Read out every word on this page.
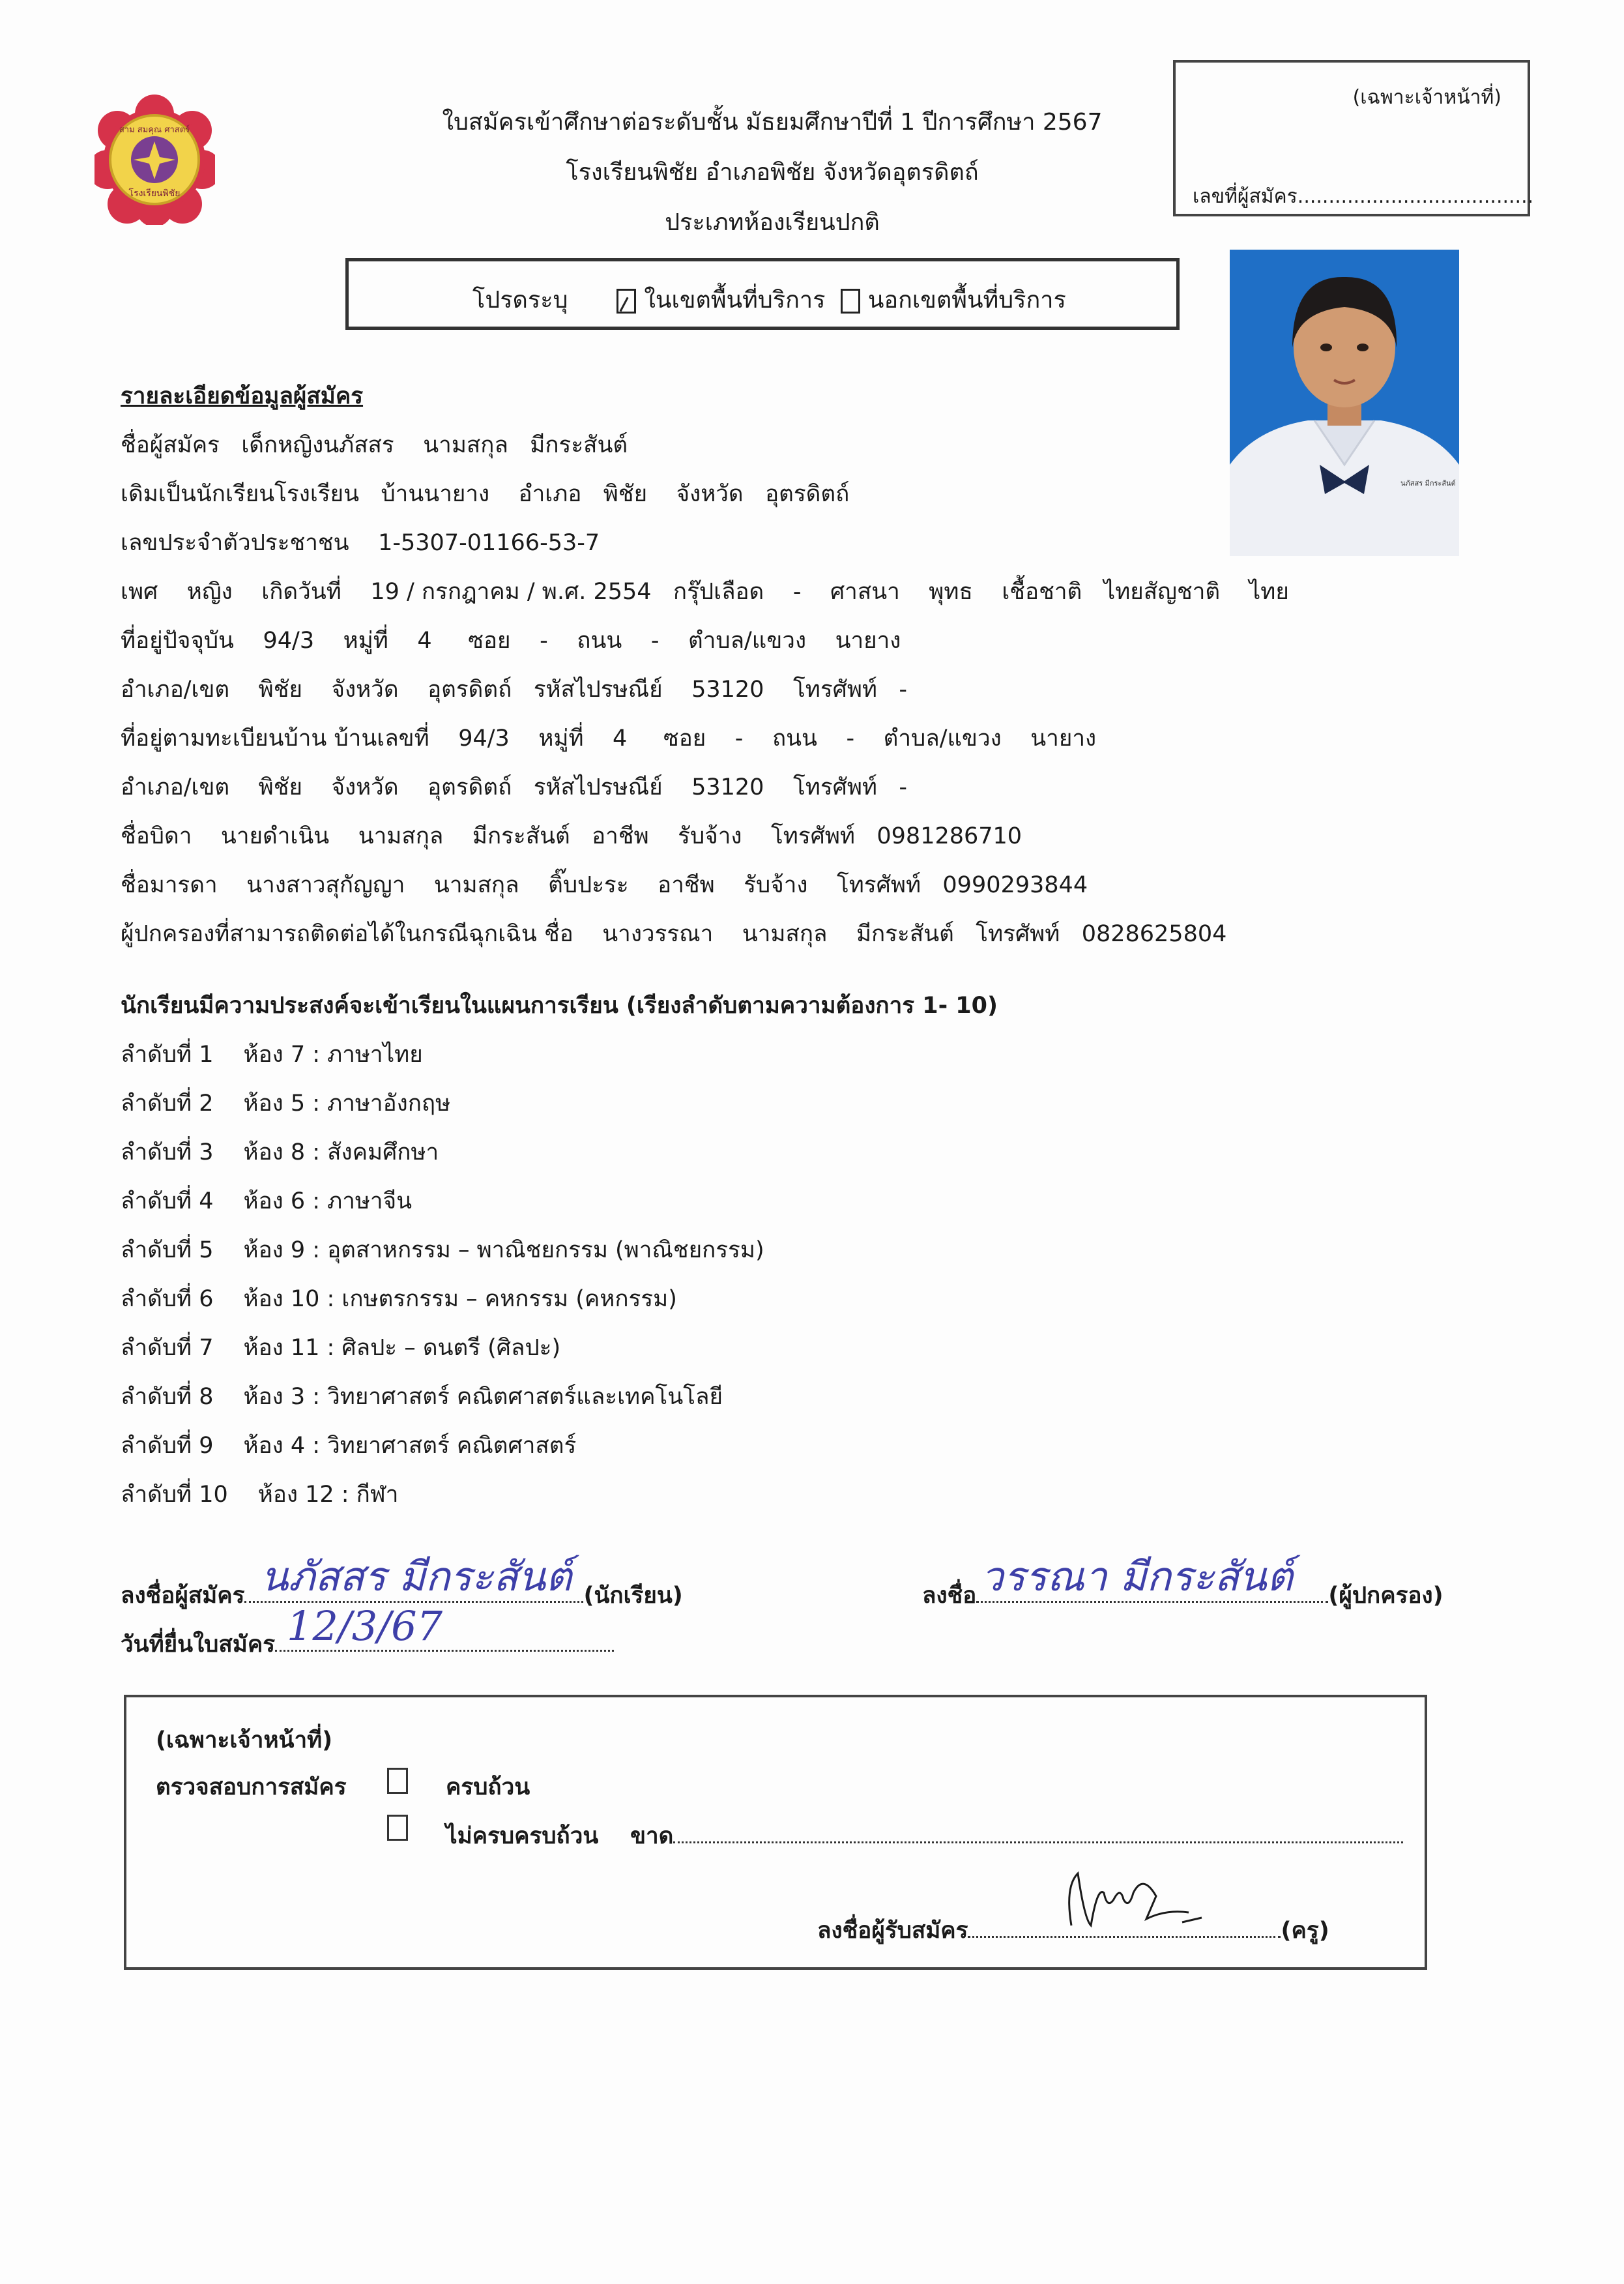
ใบสมัครเข้าศึกษาต่อระดับชั้น มัธยมศึกษาปีที่ 1 ปีการศึกษา 2567
โรงเรียนพิชัย อำเภอพิชัย จังหวัดอุตรดิตถ์
ประเภทห้องเรียนปกติ
สาม สมคุณ ศาสตร์
โรงเรียนพิชัย
(เฉพาะเจ้าหน้าที่)
เลขที่ผู้สมัคร......................................
โปรดระบุ	ในเขตพื้นที่บริการ นอกเขตพื้นที่บริการ
นภัสสร มีกระสันต์
รายละเอียดข้อมูลผู้สมัคร
ชื่อผู้สมัคร เด็กหญิงนภัสสร นามสกุล มีกระสันต์
เดิมเป็นนักเรียนโรงเรียน บ้านนายาง อำเภอ พิชัย จังหวัด อุตรดิตถ์
เลขประจำตัวประชาชน 1-5307-01166-53-7
เพศ หญิง เกิดวันที่ 19 / กรกฎาคม / พ.ศ. 2554 กรุ๊ปเลือด - ศาสนา พุทธ เชื้อชาติ ไทยสัญชาติ ไทย
ที่อยู่ปัจจุบัน 94/3 หมู่ที่ 4 ซอย - ถนน - ตำบล/แขวง นายาง
อำเภอ/เขต พิชัย จังหวัด อุตรดิตถ์ รหัสไปรษณีย์ 53120 โทรศัพท์ -
ที่อยู่ตามทะเบียนบ้าน บ้านเลขที่ 94/3 หมู่ที่ 4 ซอย - ถนน - ตำบล/แขวง นายาง
อำเภอ/เขต พิชัย จังหวัด อุตรดิตถ์ รหัสไปรษณีย์ 53120 โทรศัพท์ -
ชื่อบิดา นายดำเนิน นามสกุล มีกระสันต์ อาชีพ รับจ้าง โทรศัพท์ 0981286710
ชื่อมารดา นางสาวสุกัญญา นามสกุล ติ๊บปะระ อาชีพ รับจ้าง โทรศัพท์ 0990293844
ผู้ปกครองที่สามารถติดต่อได้ในกรณีฉุกเฉิน ชื่อ นางวรรณา นามสกุล มีกระสันต์ โทรศัพท์ 0828625804
นักเรียนมีความประสงค์จะเข้าเรียนในแผนการเรียน (เรียงลำดับตามความต้องการ 1- 10)
ลำดับที่ 1 ห้อง 7 : ภาษาไทย
ลำดับที่ 2 ห้อง 5 : ภาษาอังกฤษ
ลำดับที่ 3 ห้อง 8 : สังคมศึกษา
ลำดับที่ 4 ห้อง 6 : ภาษาจีน
ลำดับที่ 5 ห้อง 9 : อุตสาหกรรม – พาณิชยกรรม (พาณิชยกรรม)
ลำดับที่ 6 ห้อง 10 : เกษตรกรรม – คหกรรม (คหกรรม)
ลำดับที่ 7 ห้อง 11 : ศิลปะ – ดนตรี (ศิลปะ)
ลำดับที่ 8 ห้อง 3 : วิทยาศาสตร์ คณิตศาสตร์และเทคโนโลยี
ลำดับที่ 9 ห้อง 4 : วิทยาศาสตร์ คณิตศาสตร์
ลำดับที่ 10 ห้อง 12 : กีฬา
ลงชื่อผู้สมัคร	(นักเรียน)
นภัสสร มีกระสันต์
วันที่ยื่นใบสมัคร 12/3/67
ลงชื่อ	(ผู้ปกครอง)
วรรณา มีกระสันต์
(เฉพาะเจ้าหน้าที่)
ตรวจสอบการสมัคร	ครบถ้วน
ไม่ครบครบถ้วน ขาด
ลงชื่อผู้รับสมัคร	(ครู)
